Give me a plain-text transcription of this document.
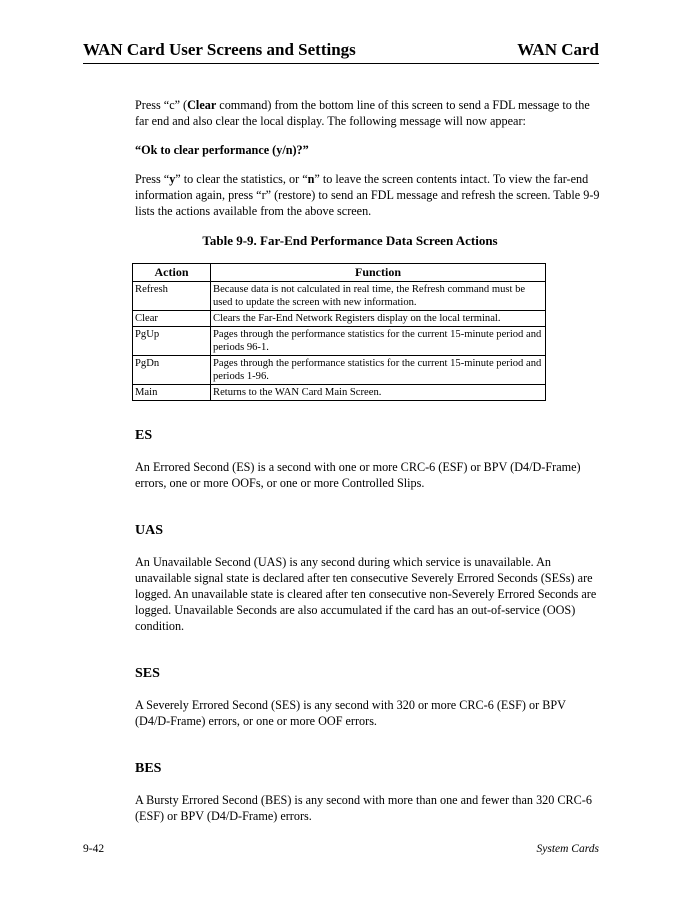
WAN Card User Screens and Settings	WAN Card

Press “c” (Clear command) from the bottom line of this screen to send a FDL message to the far end and also clear the local display. The following message will now appear:

“Ok to clear performance (y/n)?”

Press “y” to clear the statistics, or “n” to leave the screen contents intact. To view the far-end information again, press “r” (restore) to send an FDL message and refresh the screen. Table 9-9 lists the actions available from the above screen.

Table 9-9. Far-End Performance Data Screen Actions
Action	Function
Refresh	Because data is not calculated in real time, the Refresh command must be used to update the screen with new information.
Clear	Clears the Far-End Network Registers display on the local terminal.
PgUp	Pages through the performance statistics for the current 15-minute period and periods 96-1.
PgDn	Pages through the performance statistics for the current 15-minute period and periods 1-96.
Main	Returns to the WAN Card Main Screen.
ES

An Errored Second (ES) is a second with one or more CRC-6 (ESF) or BPV (D4/D-Frame) errors, one or more OOFs, or one or more Controlled Slips.

UAS

An Unavailable Second (UAS) is any second during which service is unavailable. An unavailable signal state is declared after ten consecutive Severely Errored Seconds (SESs) are logged. An unavailable state is cleared after ten consecutive non-Severely Errored Seconds are logged. Unavailable Seconds are also accumulated if the card has an out-of-service (OOS) condition.

SES

A Severely Errored Second (SES) is any second with 320 or more CRC-6 (ESF) or BPV (D4/D-Frame) errors, or one or more OOF errors.

BES

A Bursty Errored Second (BES) is any second with more than one and fewer than 320 CRC-6 (ESF) or BPV (D4/D-Frame) errors.

9-42	System Cards
